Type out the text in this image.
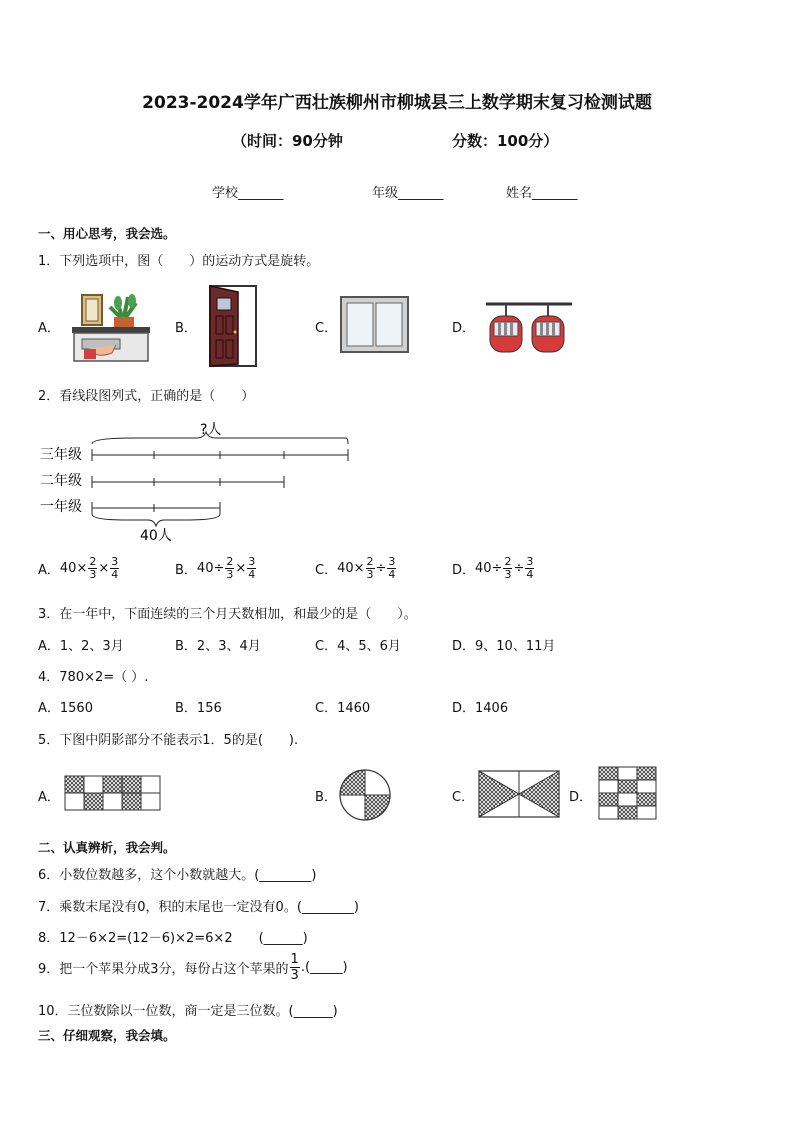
2023-2024学年广西壮族柳州市柳城县三上数学期末复习检测试题
（时间：90分钟	分数：100分）
学校_______	年级_______	姓名_______
一、用心思考，我会选。
1．下列选项中，图（　　）的运动方式是旋转。
A．	B．	C．	D．
2．看线段图列式，正确的是（　　）
?人
三年级
二年级
一年级
40人
A． $40\times \frac{2}{3} \times \frac{3}{4}$	B． $40\div \frac{2}{3} \times \frac{3}{4}$	C． $40\times \frac{2}{3} \div \frac{3}{4}$	D． $40\div \frac{2}{3} \div \frac{3}{4}$
3．在一年中，下面连续的三个月天数相加，和最少的是（　　）。
A．1、2、3月	B．2、3、4月	C．4、5、6月	D．9、10、11月
4．780×2=（ ）.
A．1560	B．156	C．1460	D．1406
5．下图中阴影部分不能表示1．5的是(　　).
A．	B．	C．	D．
二、认真辨析，我会判。
6．小数位数越多，这个小数就越大。(________)
7．乘数末尾没有0，积的末尾也一定没有0。(________)
8．12－6×2=(12－6)×2=6×2　　(______)
9．把一个苹果分成3分，每份占这个苹果的 $\frac{1}{3}$ .(_____)
10．三位数除以一位数，商一定是三位数。(______)
三、仔细观察，我会填。
